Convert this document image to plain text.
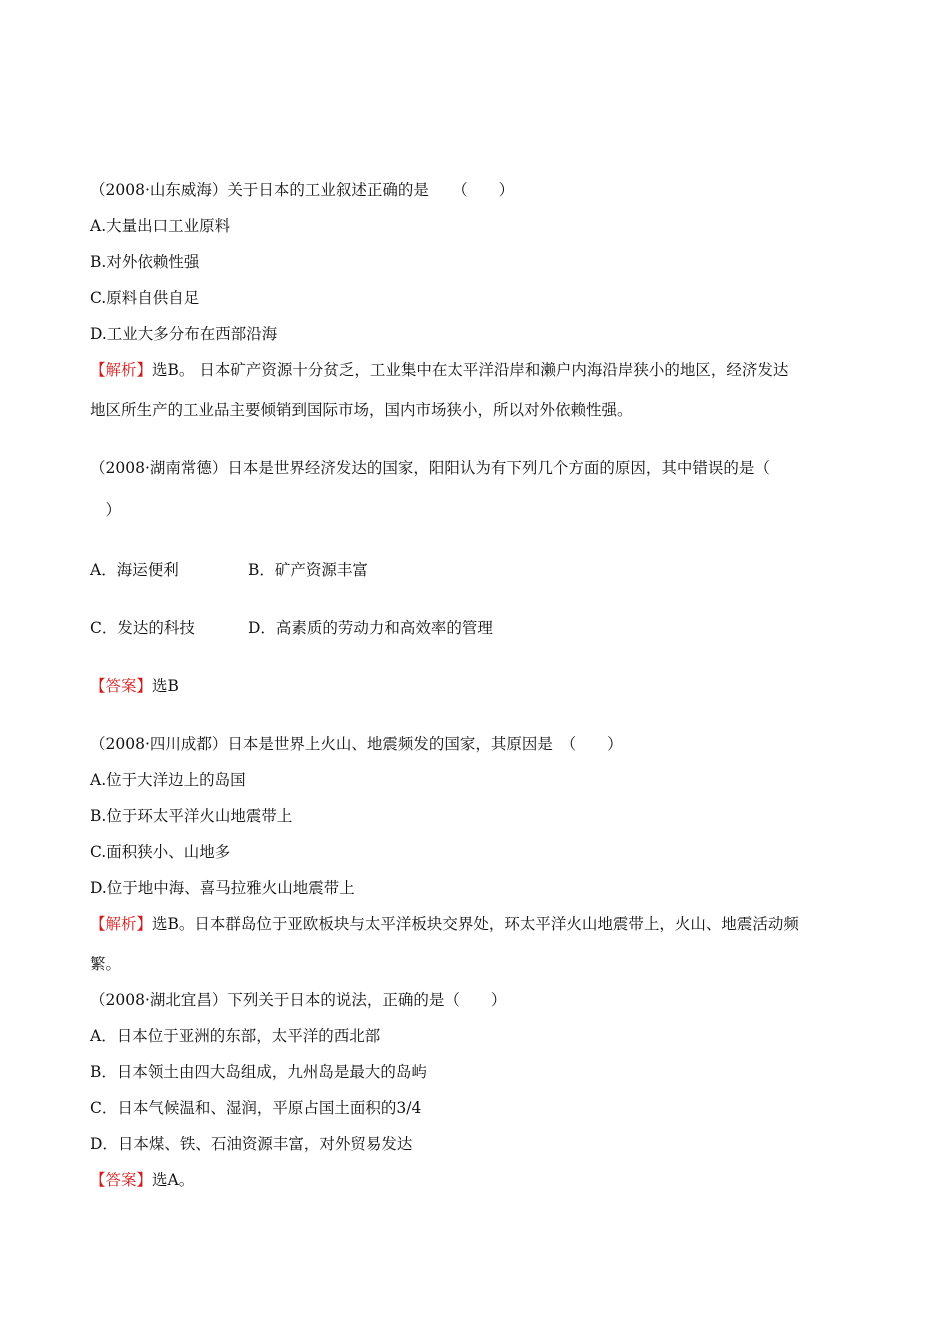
（2008·山东威海）关于日本的工业叙述正确的是　　（　　）
A.大量出口工业原料
B.对外依赖性强
C.原料自供自足
D.工业大多分布在西部沿海
【解析】选B。 日本矿产资源十分贫乏，工业集中在太平洋沿岸和濑户内海沿岸狭小的地区，经济发达
地区所生产的工业品主要倾销到国际市场，国内市场狭小，所以对外依赖性强。
（2008·湖南常德）日本是世界经济发达的国家，阳阳认为有下列几个方面的原因，其中错误的是（
　）
A．海运便利	B．矿产资源丰富
C．发达的科技	D．高素质的劳动力和高效率的管理
【答案】选B
（2008·四川成都）日本是世界上火山、地震频发的国家，其原因是　（　　）
A.位于大洋边上的岛国
B.位于环太平洋火山地震带上
C.面积狭小、山地多
D.位于地中海、喜马拉雅火山地震带上
【解析】选B。日本群岛位于亚欧板块与太平洋板块交界处，环太平洋火山地震带上，火山、地震活动频
繁。
（2008·湖北宜昌）下列关于日本的说法，正确的是（　　）
A．日本位于亚洲的东部，太平洋的西北部
B．日本领土由四大岛组成，九州岛是最大的岛屿
C．日本气候温和、湿润，平原占国土面积的3/4
D．日本煤、铁、石油资源丰富，对外贸易发达
【答案】选A。
